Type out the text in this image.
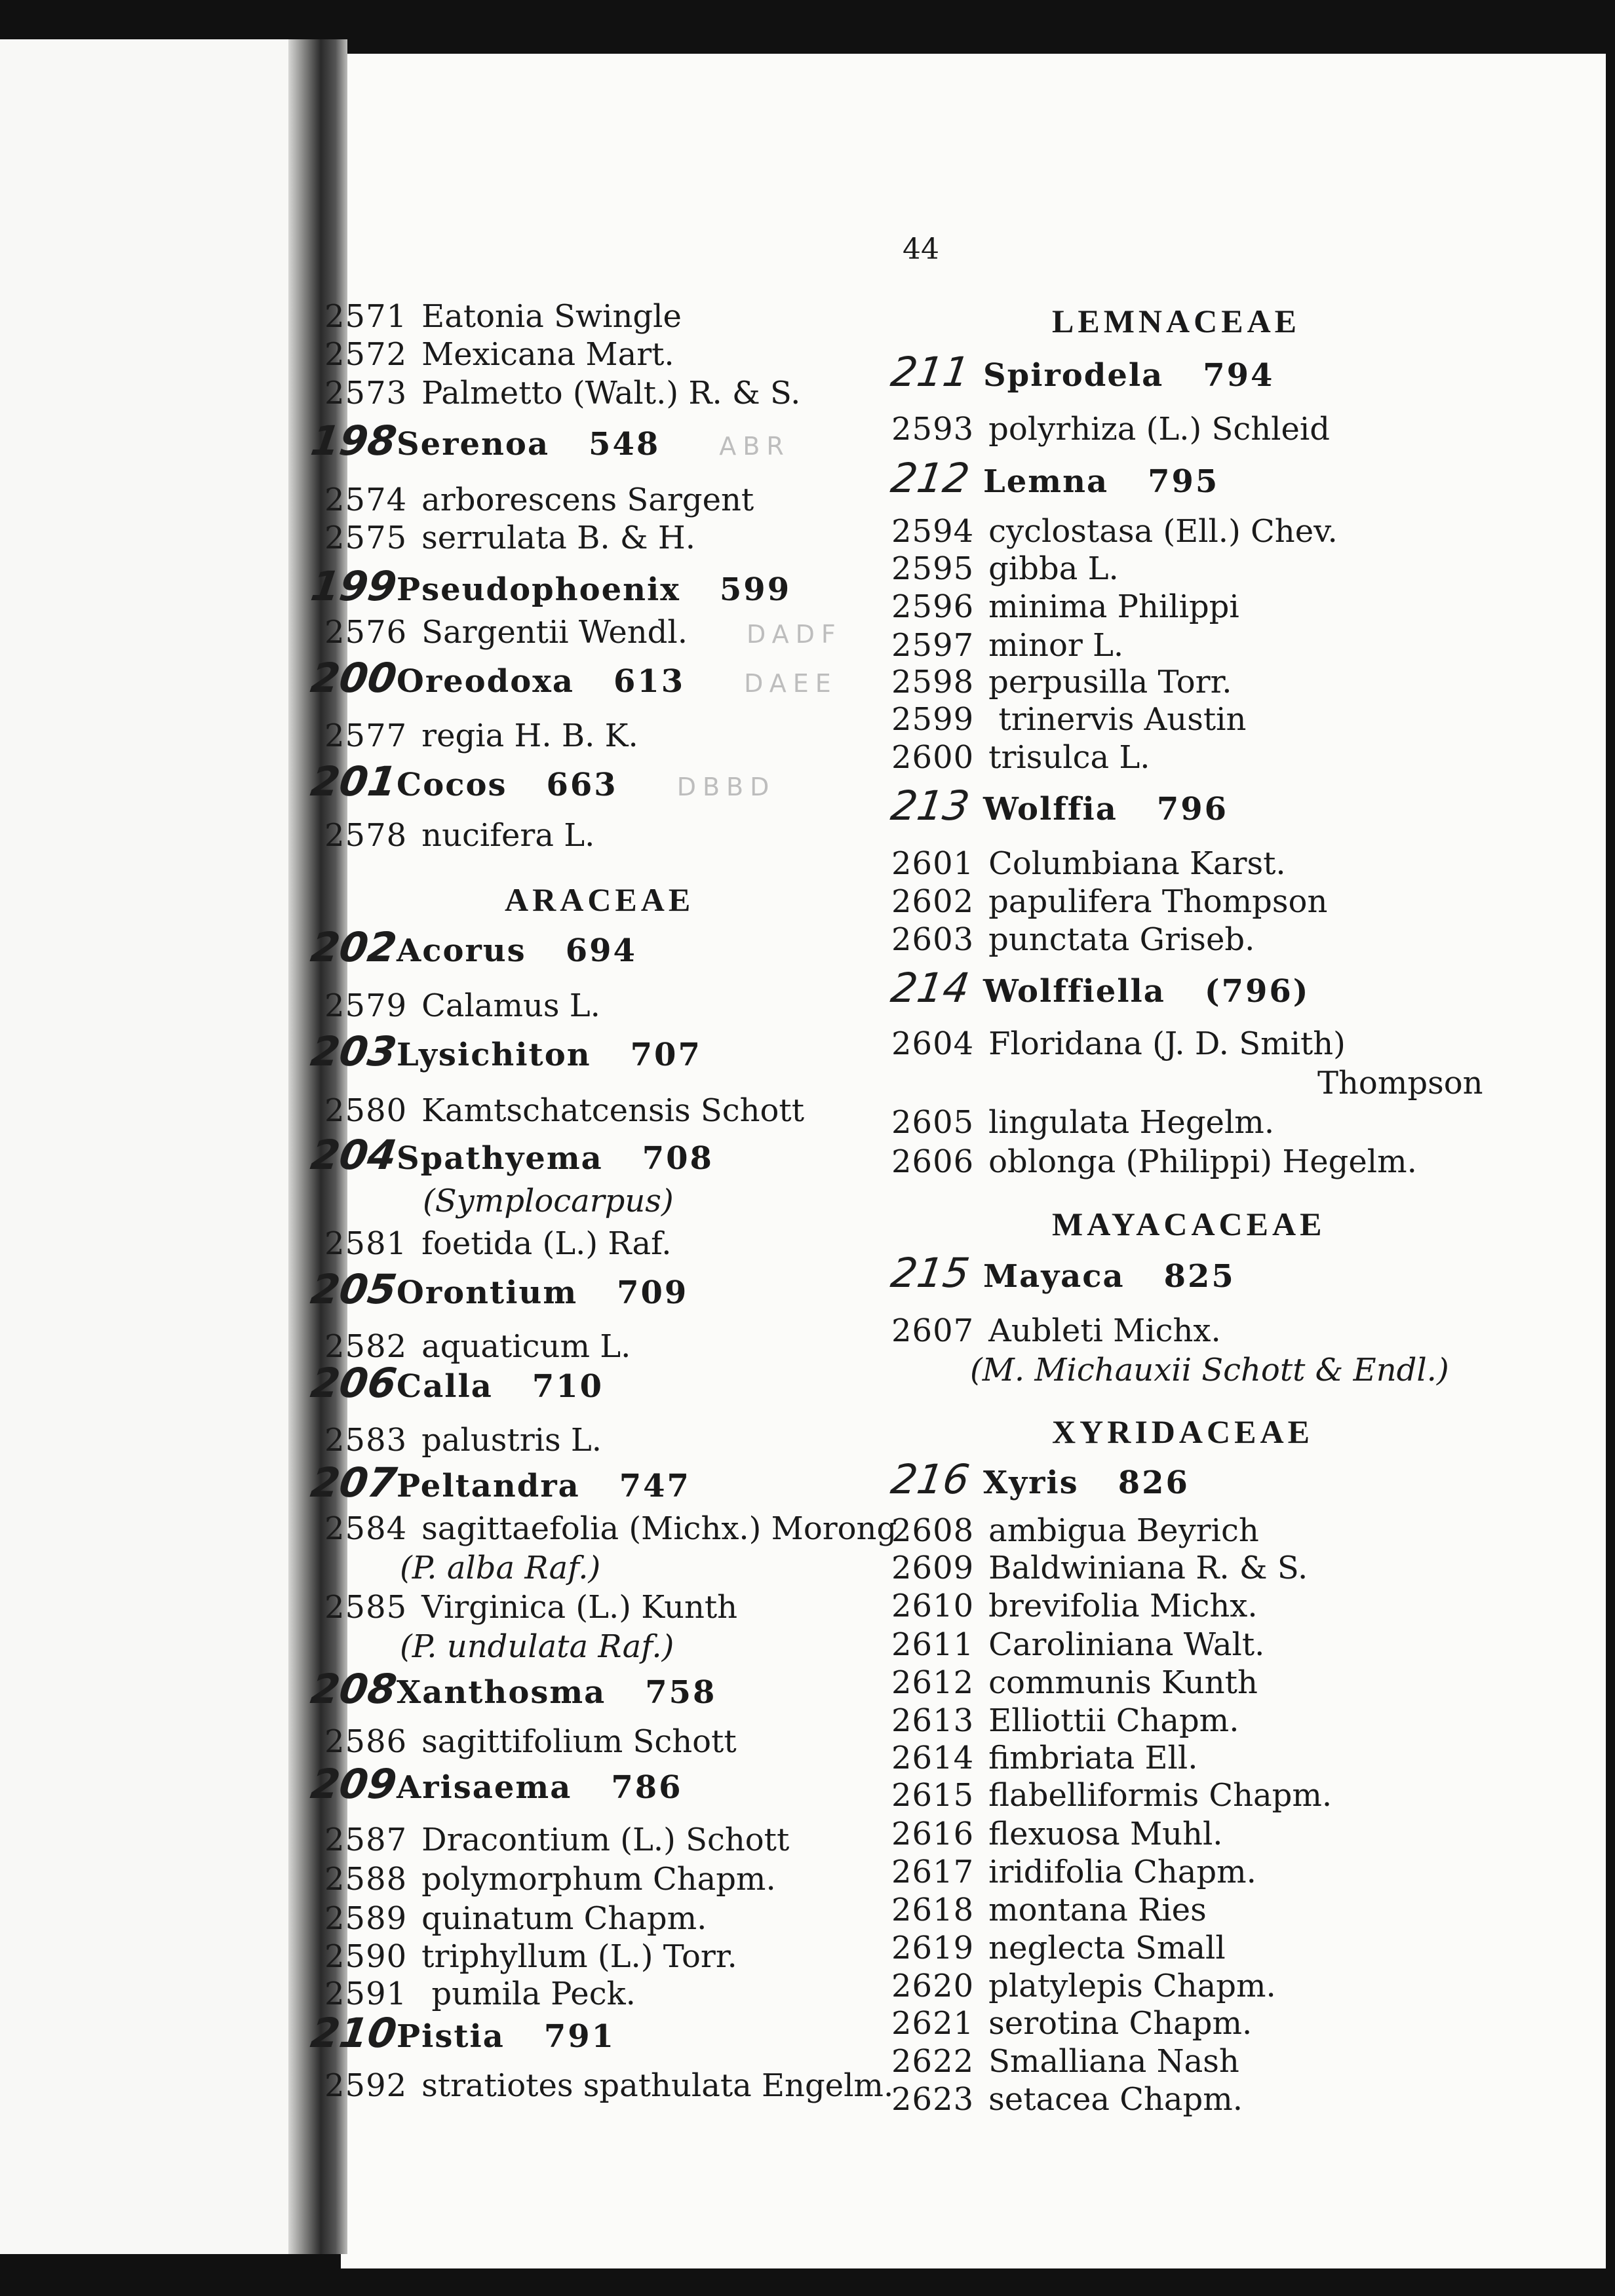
44
2571 Eatonia Swingle
2572 Mexicana Mart.
2573 Palmetto (Walt.) R. & S.
198Serenoa 548 ABR
2574 arborescens Sargent
2575 serrulata B. & H.
199Pseudophoenix 599
2576 Sargentii Wendl. DADF
200Oreodoxa 613 DAEE
2577 regia H. B. K.
201Cocos 663 DBBD
2578 nucifera L.
ARACEAE
202Acorus 694
2579 Calamus L.
203Lysichiton 707
2580 Kamtschatcensis Schott
204Spathyema 708
(Symplocarpus)
2581 foetida (L.) Raf.
205Orontium 709
2582 aquaticum L.
206Calla 710
2583 palustris L.
207Peltandra 747
2584 sagittaefolia (Michx.) Morong
(P. alba Raf.)
2585 Virginica (L.) Kunth
(P. undulata Raf.)
208Xanthosma 758
2586 sagittifolium Schott
209Arisaema 786
2587 Dracontium (L.) Schott
2588 polymorphum Chapm.
2589 quinatum Chapm.
2590 triphyllum (L.) Torr.
2591 pumila Peck.
210Pistia 791
2592 stratiotes spathulata Engelm.
LEMNACEAE
211 Spirodela 794
2593 polyrhiza (L.) Schleid
212 Lemna 795
2594 cyclostasa (Ell.) Chev.
2595 gibba L.
2596 minima Philippi
2597 minor L.
2598 perpusilla Torr.
2599 trinervis Austin
2600 trisulca L.
213 Wolffia 796
2601 Columbiana Karst.
2602 papulifera Thompson
2603 punctata Griseb.
214 Wolffiella (796)
2604 Floridana (J. D. Smith)
Thompson
2605 lingulata Hegelm.
2606 oblonga (Philippi) Hegelm.
MAYACACEAE
215 Mayaca 825
2607 Aubleti Michx.
(M. Michauxii Schott & Endl.)
XYRIDACEAE
216 Xyris 826
2608 ambigua Beyrich
2609 Baldwiniana R. & S.
2610 brevifolia Michx.
2611 Caroliniana Walt.
2612 communis Kunth
2613 Elliottii Chapm.
2614 fimbriata Ell.
2615 flabelliformis Chapm.
2616 flexuosa Muhl.
2617 iridifolia Chapm.
2618 montana Ries
2619 neglecta Small
2620 platylepis Chapm.
2621 serotina Chapm.
2622 Smalliana Nash
2623 setacea Chapm.
